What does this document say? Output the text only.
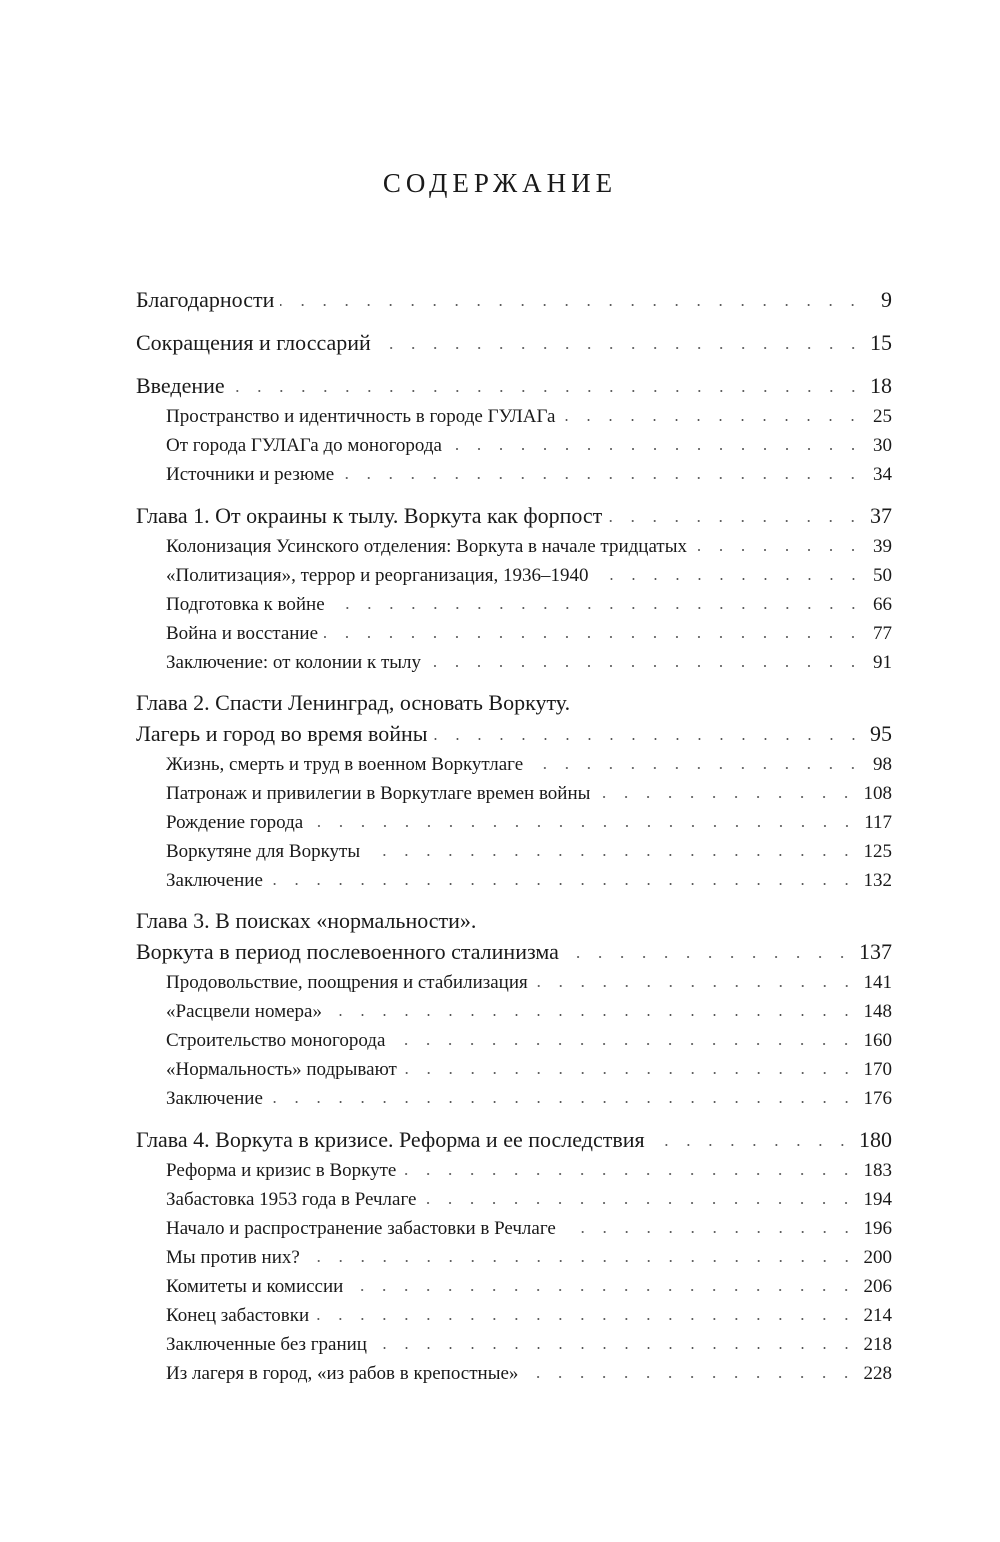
СОДЕРЖАНИЕ
Благодарности	9
Сокращения и глоссарий	15
Введение	18
Пространство и идентичность в городе ГУЛАГа	25
От города ГУЛАГа до моногорода	30
Источники и резюме	34
Глава 1. От окраины к тылу. Воркута как форпост	37
Колонизация Усинского отделения: Воркута в начале тридцатых	39
«Политизация», террор и реорганизация, 1936–1940	50
Подготовка к войне	66
Война и восстание	77
Заключение: от колонии к тылу	91
Глава 2. Спасти Ленинград, основать Воркуту.
Лагерь и город во время войны	95
Жизнь, смерть и труд в военном Воркутлаге	98
Патронаж и привилегии в Воркутлаге времен войны	108
Рождение города	117
Воркутяне для Воркуты	125
Заключение	132
Глава 3. В поисках «нормальности».
Воркута в период послевоенного сталинизма	137
Продовольствие, поощрения и стабилизация	141
«Расцвели номера»	148
Строительство моногорода	160
«Нормальность» подрывают	170
Заключение	176
Глава 4. Воркута в кризисе. Реформа и ее последствия	180
Реформа и кризис в Воркуте	183
Забастовка 1953 года в Речлаге	194
Начало и распространение забастовки в Речлаге	196
Мы против них?	200
Комитеты и комиссии	206
Конец забастовки	214
Заключенные без границ	218
Из лагеря в город, «из рабов в крепостные»	228
